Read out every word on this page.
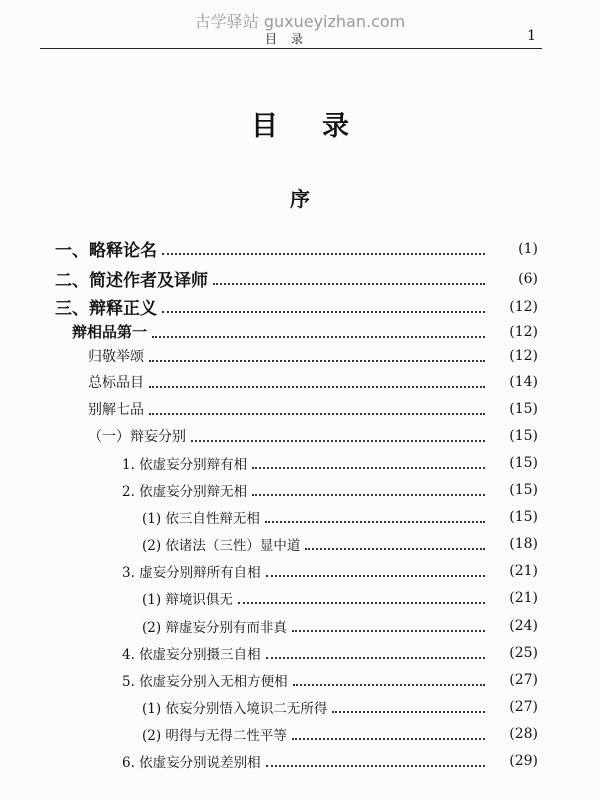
古学驿站 guxueyizhan.com
目录	1
目录
序
一、略释论名	(1)
二、简述作者及译师	(6)
三、辩释正义	(12)
辩相品第一	(12)
归敬举颂	(12)
总标品目	(14)
别解七品	(15)
（一）辩妄分别	(15)
1. 依虚妄分别辩有相	(15)
2. 依虚妄分别辩无相	(15)
(1) 依三自性辩无相	(15)
(2) 依诸法（三性）显中道	(18)
3. 虚妄分别辩所有自相	(21)
(1) 辩境识俱无	(21)
(2) 辩虚妄分别有而非真	(24)
4. 依虚妄分别摄三自相	(25)
5. 依虚妄分别入无相方便相	(27)
(1) 依妄分别悟入境识二无所得	(27)
(2) 明得与无得二性平等	(28)
6. 依虚妄分别说差别相	(29)
